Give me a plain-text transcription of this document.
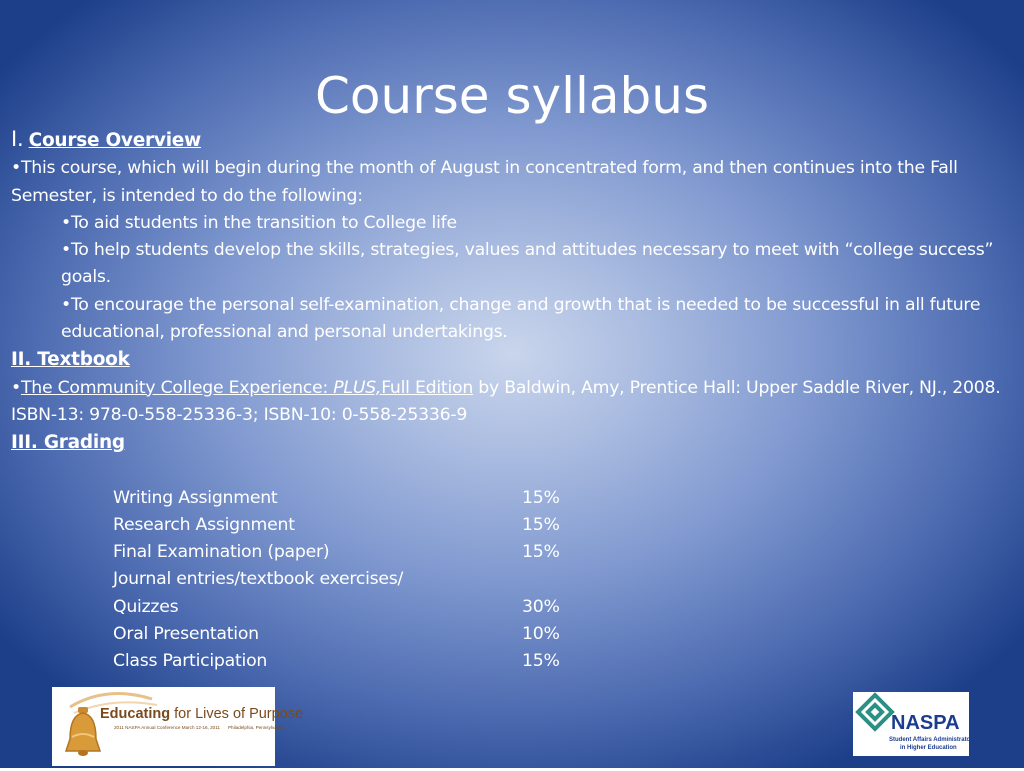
Course syllabus

I. Course Overview

•This course, which will begin during the month of August in concentrated form, and then continues into the Fall Semester, is intended to do the following:

•To aid students in the transition to College life

•To help students develop the skills, strategies, values and attitudes necessary to meet with “college success” goals.

•To encourage the personal self-examination, change and growth that is needed to be successful in all future educational, professional and personal undertakings.

II. Textbook

•The Community College Experience: PLUS,Full Edition by Baldwin, Amy, Prentice Hall: Upper Saddle River, NJ., 2008. ISBN-13: 978-0-558-25336-3; ISBN-10: 0-558-25336-9

III. Grading

Writing Assignment	15%
Research Assignment	15%
Final Examination (paper)	15%
Journal entries/textbook exercises/
Quizzes	30%
Oral Presentation	10%
Class Participation	15%
Educating for Lives of Purpose
2011 NASPA Annual Conference March 12-16, 2011 Philadelphia, Pennsylvania	NASPA
Student Affairs Administrators
in Higher Education
